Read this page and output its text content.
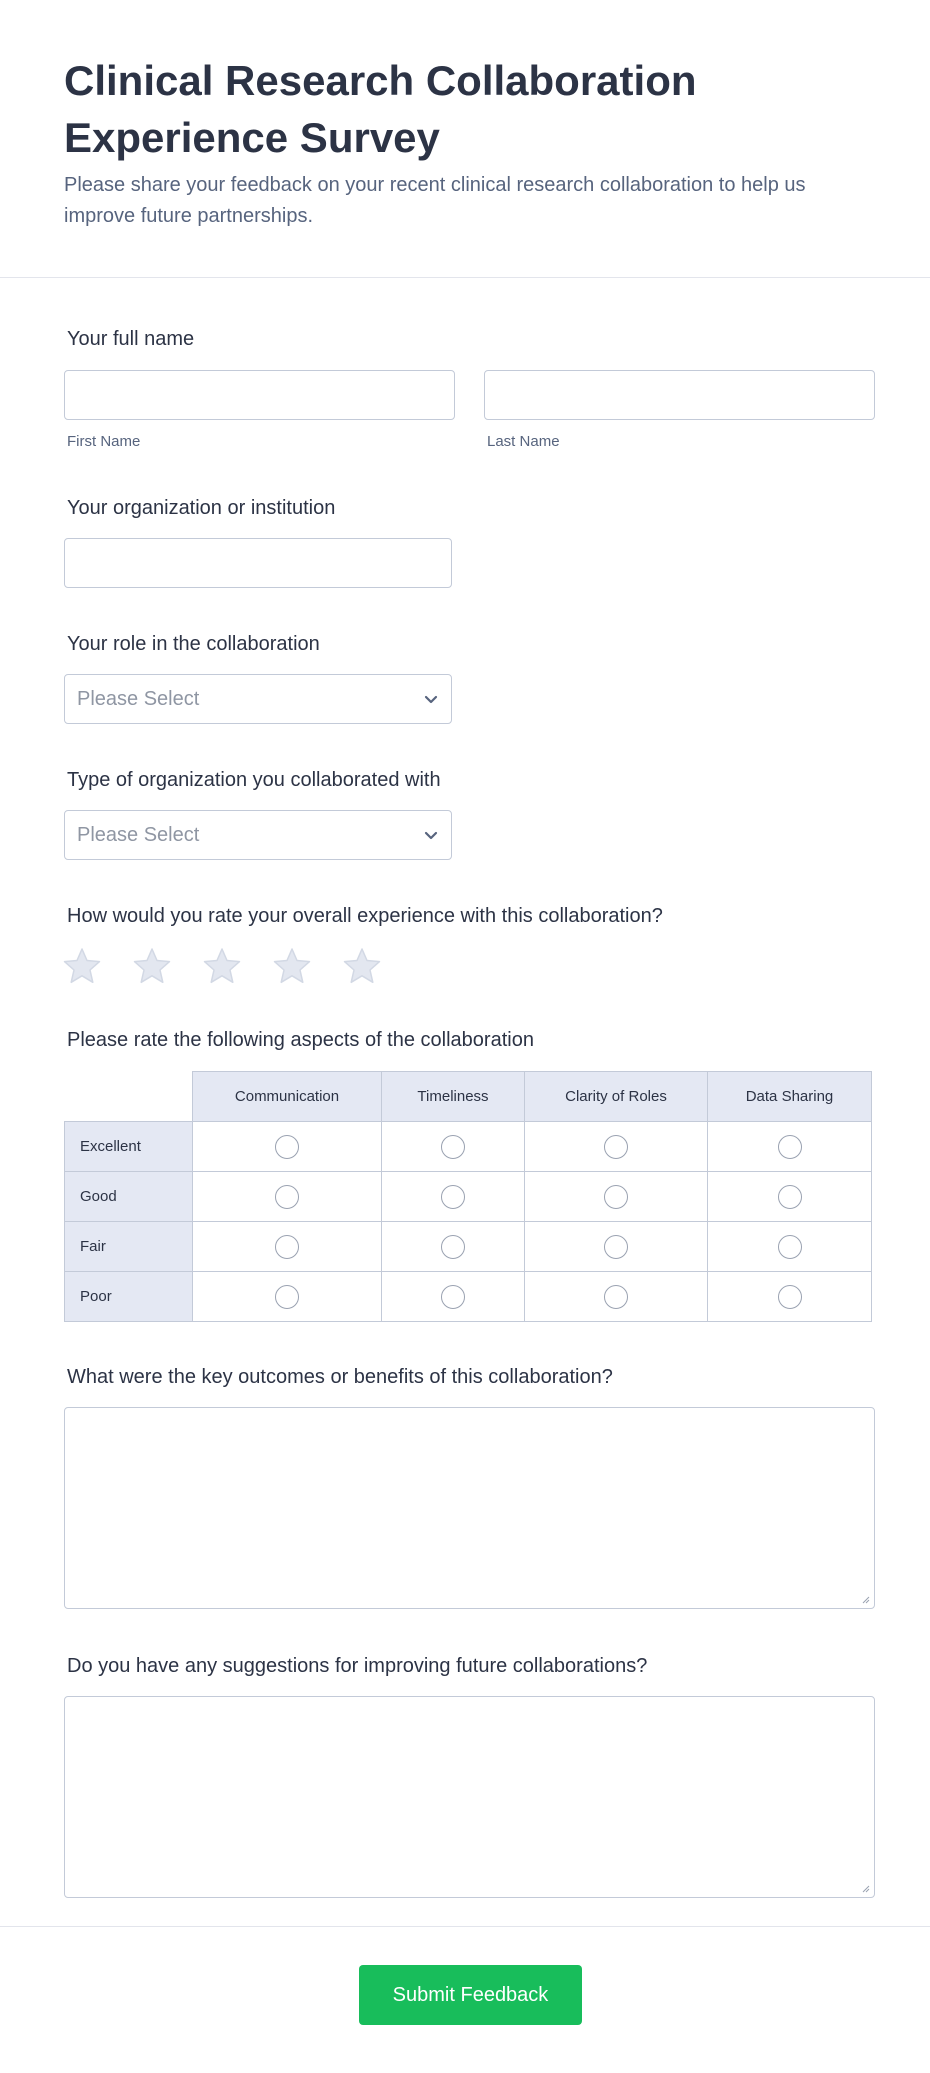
Clinical Research Collaboration Experience Survey

Please share your feedback on your recent clinical research collaboration to help us improve future partnerships.

Your full name
First Name	Last Name
Your organization or institution
Your role in the collaboration
Please Select
Type of organization you collaborated with
Please Select
How would you rate your overall experience with this collaboration?
Please rate the following aspects of the collaboration
	Communication	Timeliness	Clarity of Roles	Data Sharing
Excellent				
Good				
Fair				
Poor				
What were the key outcomes or benefits of this collaboration?
Do you have any suggestions for improving future collaborations?
Submit Feedback
